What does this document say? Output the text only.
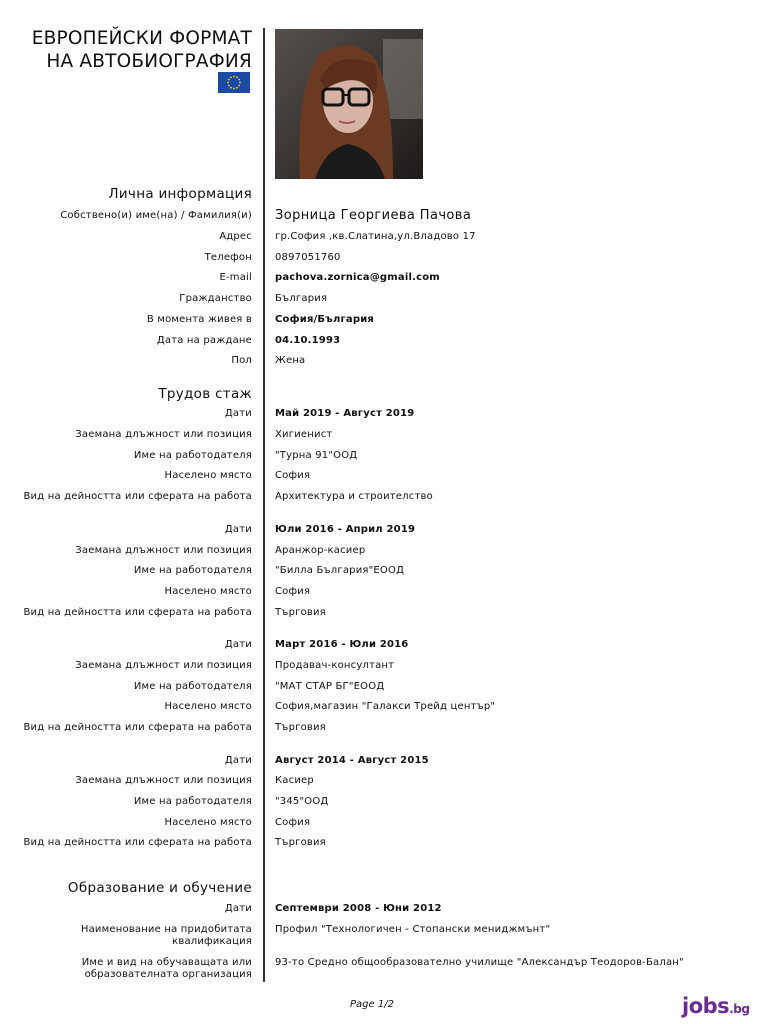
ЕВРОПЕЙСКИ ФОРМАТ
НА АВТОБИОГРАФИЯ
Лична информация
Собствено(и) име(на) / Фамилия(и) Зорница Георгиева Пачова
Адрес гр.София ,кв.Слатина,ул.Владово 17
Телефон 0897051760
E-mail pachova.zornica@gmail.com
Гражданство България
В момента живея в София/България
Дата на раждане 04.10.1993
Пол Жена
Трудов стаж
Дати Май 2019 - Август 2019
Заемана длъжност или позиция Хигиенист
Име на работодателя "Турна 91"ООД
Населено място София
Вид на дейността или сферата на работа Архитектура и строителство
Дати Юли 2016 - Април 2019
Заемана длъжност или позиция Аранжор-касиер
Име на работодателя "Билла България"ЕООД
Населено място София
Вид на дейността или сферата на работа Търговия
Дати Март 2016 - Юли 2016
Заемана длъжност или позиция Продавач-консултант
Име на работодателя "МАТ СТАР БГ"ЕООД
Населено място София,магазин "Галакси Трейд център"
Вид на дейността или сферата на работа Търговия
Дати Август 2014 - Август 2015
Заемана длъжност или позиция Касиер
Име на работодателя "345"ООД
Населено място София
Вид на дейността или сферата на работа Търговия
Образование и обучение
Дати Септември 2008 - Юни 2012
Наименование на придобитата
квалификация
Профил "Технологичен - Стопански мениджмънт"
Име и вид на обучаващата или
образователната организация
93-то Средно общообразователно училище "Александър Теодоров-Балан"
Page 1/2	jobs.bg
